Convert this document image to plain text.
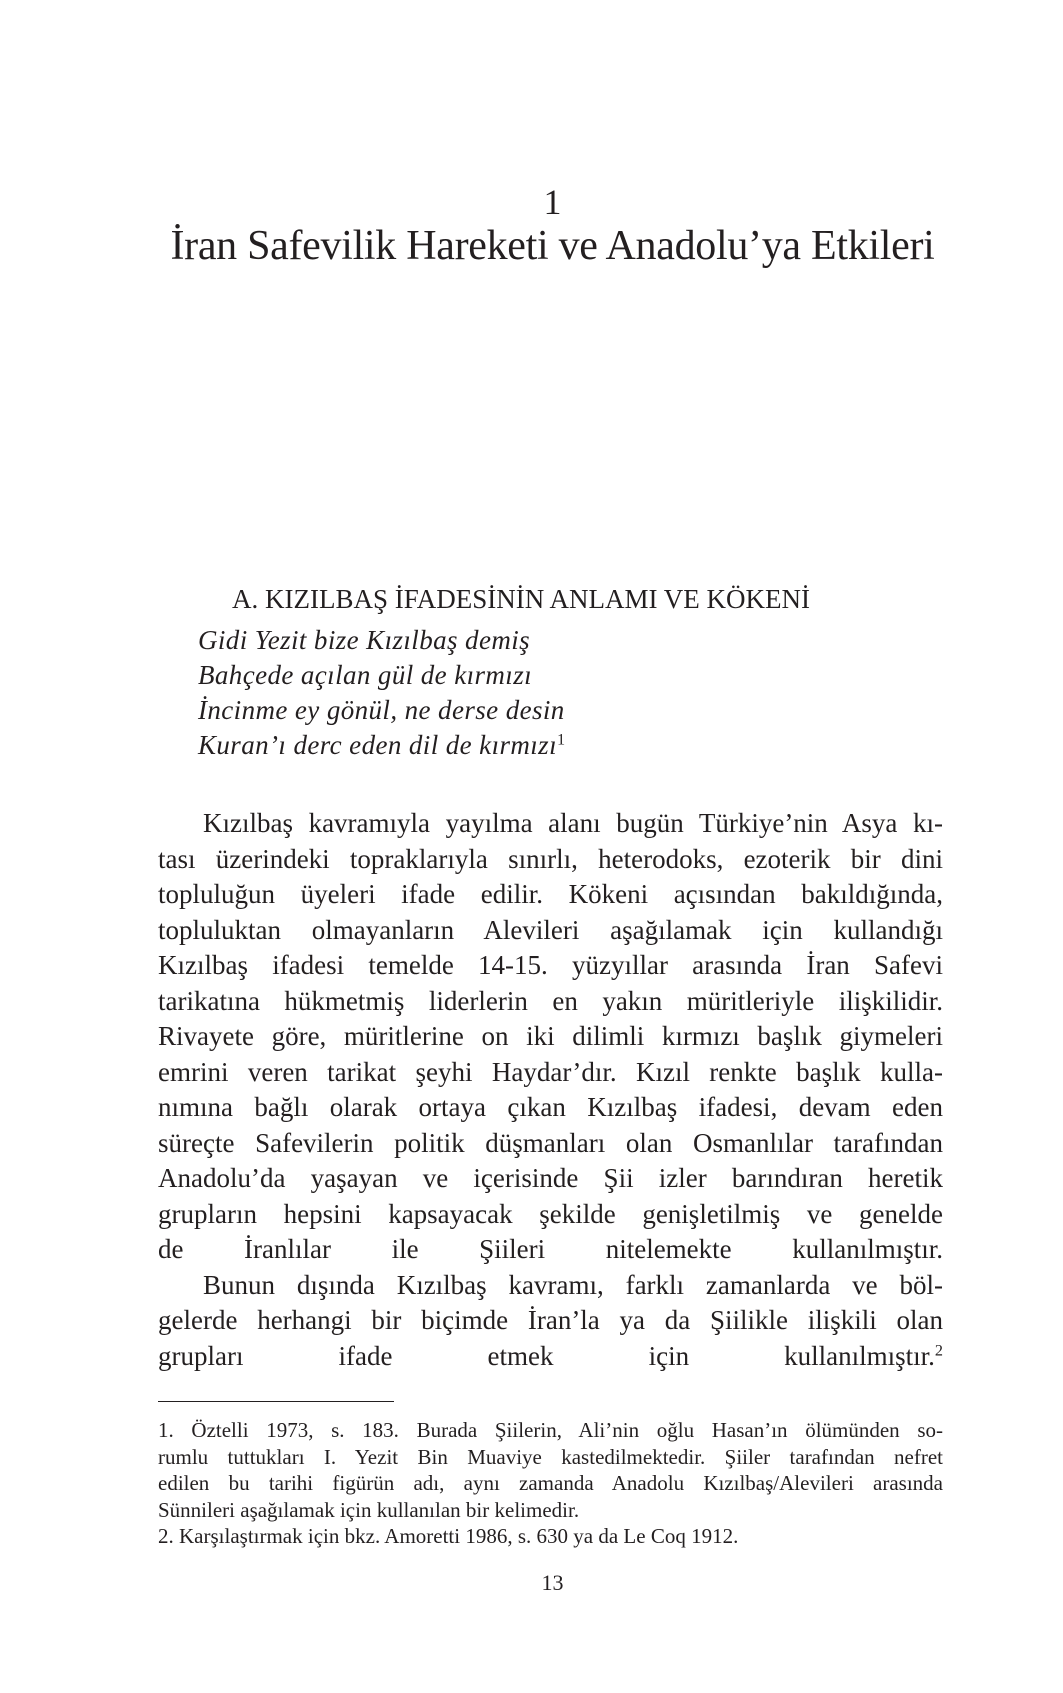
1
İran Safevilik Hareketi ve Anadolu’ya Etkileri
A. KIZILBAŞ İFADESİNİN ANLAMI VE KÖKENİ
Gidi Yezit bize Kızılbaş demiş
Bahçede açılan gül de kırmızı
İncinme ey gönül, ne derse desin
Kuran’ı derc eden dil de kırmızı$^1$

Kızılbaş kavramıyla yayılma alanı bugün Türkiye’nin Asya kı-
tası üzerindeki topraklarıyla sınırlı, heterodoks, ezoterik bir dini
topluluğun üyeleri ifade edilir. Kökeni açısından bakıldığında,
topluluktan olmayanların Alevileri aşağılamak için kullandığı
Kızılbaş ifadesi temelde 14-15. yüzyıllar arasında İran Safevi
tarikatına hükmetmiş liderlerin en yakın müritleriyle ilişkilidir.
Rivayete göre, müritlerine on iki dilimli kırmızı başlık giymeleri
emrini veren tarikat şeyhi Haydar’dır. Kızıl renkte başlık kulla-
nımına bağlı olarak ortaya çıkan Kızılbaş ifadesi, devam eden
süreçte Safevilerin politik düşmanları olan Osmanlılar tarafından
Anadolu’da yaşayan ve içerisinde Şii izler barındıran heretik
grupların hepsini kapsayacak şekilde genişletilmiş ve genelde
de İranlılar ile Şiileri nitelemekte kullanılmıştır.

Bunun dışında Kızılbaş kavramı, farklı zamanlarda ve böl-
gelerde herhangi bir biçimde İran’la ya da Şiilikle ilişkili olan
grupları ifade etmek için kullanılmıştır.$^2$

1. Öztelli 1973, s. 183. Burada Şiilerin, Ali’nin oğlu Hasan’ın ölümünden so-
rumlu tuttukları I. Yezit Bin Muaviye kastedilmektedir. Şiiler tarafından nefret
edilen bu tarihi figürün adı, aynı zamanda Anadolu Kızılbaş/Alevileri arasında
Sünnileri aşağılamak için kullanılan bir kelimedir.
2. Karşılaştırmak için bkz. Amoretti 1986, s. 630 ya da Le Coq 1912.
13
